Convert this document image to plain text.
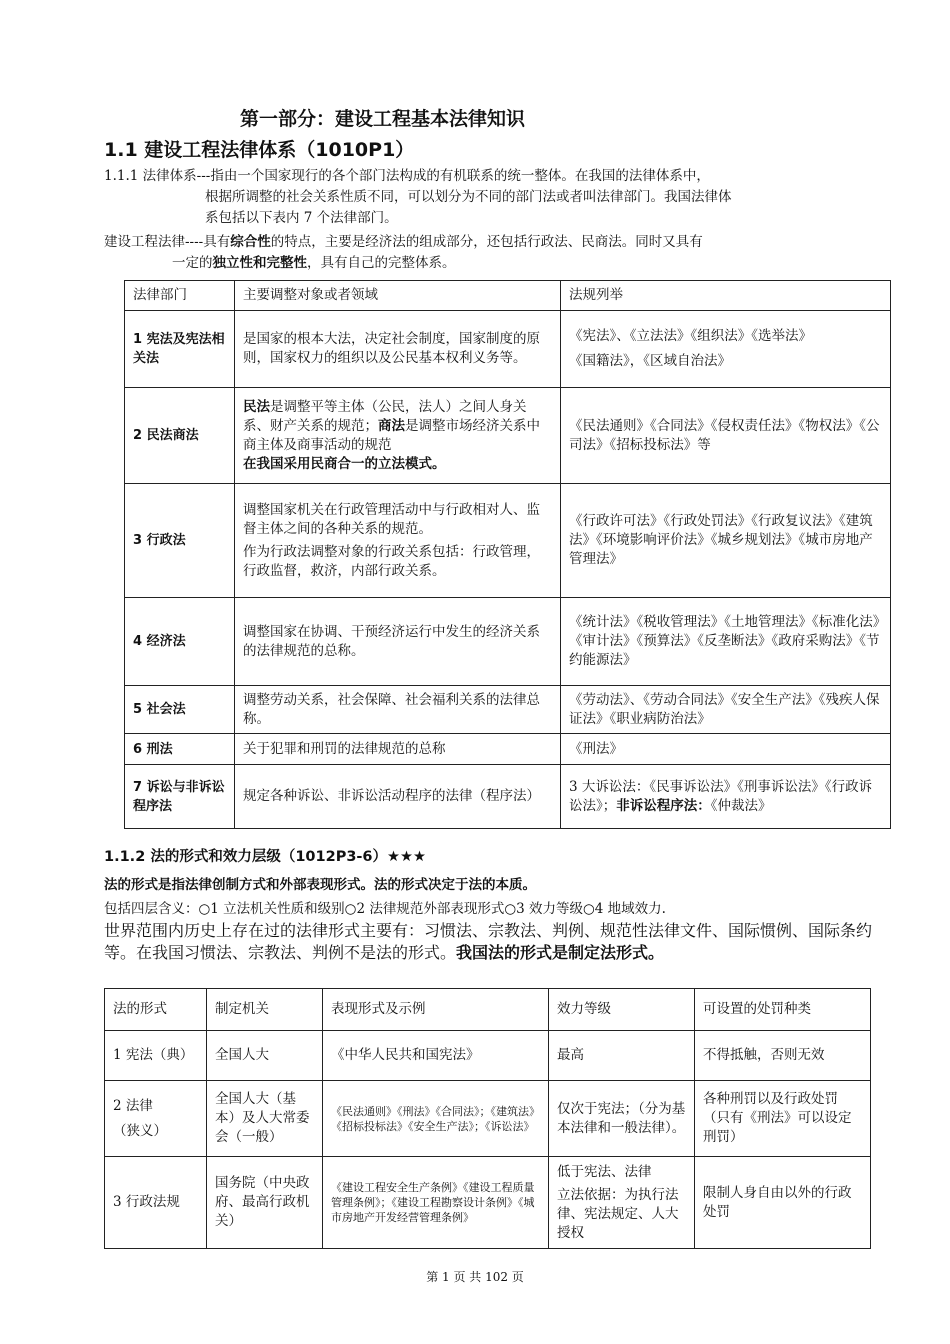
第一部分：建设工程基本法律知识
1.1 建设工程法律体系（1010P1）
1.1.1 法律体系---指由一个国家现行的各个部门法构成的有机联系的统一整体。在我国的法律体系中，
根据所调整的社会关系性质不同，可以划分为不同的部门法或者叫法律部门。我国法律体
系包括以下表内 7 个法律部门。
建设工程法律----具有综合性的特点，主要是经济法的组成部分，还包括行政法、民商法。同时又具有
一定的独立性和完整性，具有自己的完整体系。
法律部门	主要调整对象或者领域	法规列举
1 宪法及宪法相关法	是国家的根本大法，决定社会制度，国家制度的原则，国家权力的组织以及公民基本权利义务等。	《宪法》、《立法法》《组织法》《选举法》
《国籍法》，《区域自治法》

2 民法商法	民法是调整平等主体（公民，法人）之间人身关系、财产关系的规范；商法是调整市场经济关系中商主体及商事活动的规范
在我国采用民商合一的立法模式。	《民法通则》《合同法》《侵权责任法》《物权法》《公司法》《招标投标法》等
3 行政法	调整国家机关在行政管理活动中与行政相对人、监督主体之间的各种关系的规范。
作为行政法调整对象的行政关系包括：行政管理，行政监督，救济，内部行政关系。	《行政许可法》《行政处罚法》《行政复议法》《建筑法》《环境影响评价法》《城乡规划法》《城市房地产管理法》
4 经济法	调整国家在协调、干预经济运行中发生的经济关系的法律规范的总称。	《统计法》《税收管理法》《土地管理法》《标准化法》《审计法》《预算法》《反垄断法》《政府采购法》《节约能源法》
5 社会法	调整劳动关系，社会保障、社会福利关系的法律总称。	《劳动法》、《劳动合同法》《安全生产法》《残疾人保证法》《职业病防治法》
6 刑法	关于犯罪和刑罚的法律规范的总称	《刑法》
7 诉讼与非诉讼程序法	规定各种诉讼、非诉讼活动程序的法律（程序法）	3 大诉讼法：《民事诉讼法》《刑事诉讼法》《行政诉讼法》；非诉讼程序法：《仲裁法》
1.1.2 法的形式和效力层级（1012P3-6）★★★
法的形式是指法律创制方式和外部表现形式。法的形式决定于法的本质。
包括四层含义：○1 立法机关性质和级别○2 法律规范外部表现形式○3 效力等级○4 地域效力.
世界范围内历史上存在过的法律形式主要有：习惯法、宗教法、判例、规范性法律文件、国际惯例、国际条约等。在我国习惯法、宗教法、判例不是法的形式。我国法的形式是制定法形式。
法的形式	制定机关	表现形式及示例	效力等级	可设置的处罚种类
1 宪法（典）	全国人大	《中华人民共和国宪法》	最高	不得抵触，否则无效

2 法律
（狭义）	全国人大（基本）及人大常委会（一般）	《民法通则》《刑法》《合同法》；《建筑法》《招标投标法》《安全生产法》；《诉讼法》	仅次于宪法；（分为基本法律和一般法律）。	各种刑罚以及行政处罚（只有《刑法》可以设定刑罚）
3 行政法规	国务院（中央政府、最高行政机关）	《建设工程安全生产条例》《建设工程质量管理条例》；《建设工程勘察设计条例》《城市房地产开发经营管理条例》	低于宪法、法律
立法依据：为执行法律、宪法规定、人大授权	限制人身自由以外的行政处罚
第 1 页 共 102 页
